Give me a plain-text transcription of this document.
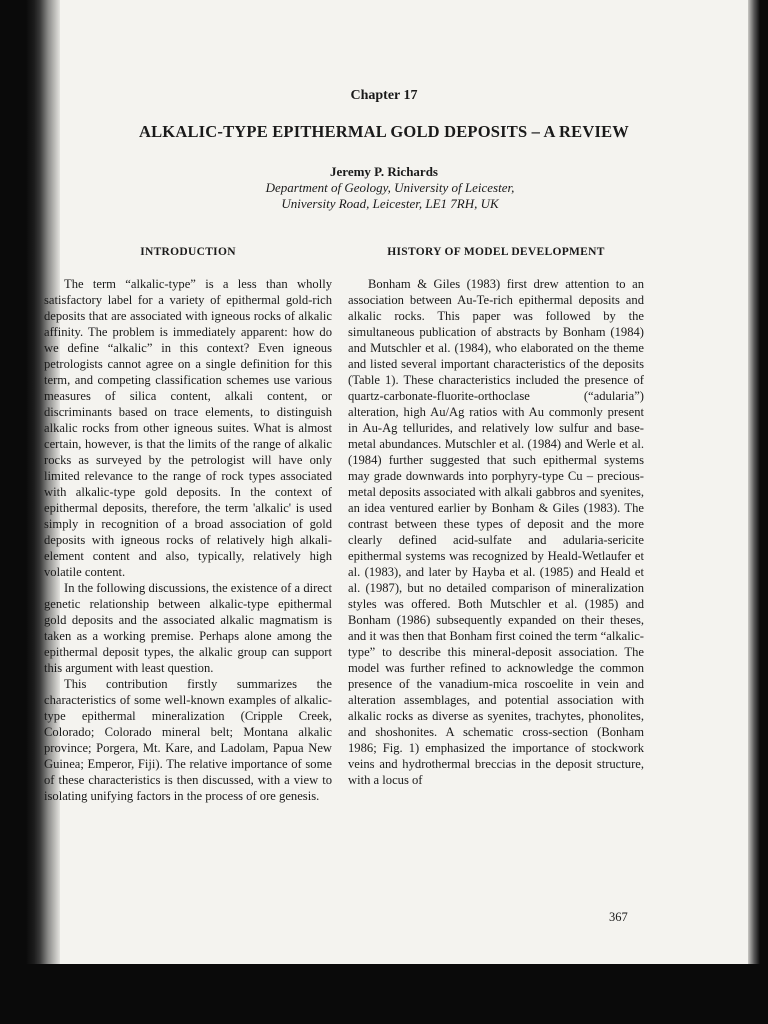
Chapter 17
ALKALIC-TYPE EPITHERMAL GOLD DEPOSITS – A REVIEW
Jeremy P. Richards
Department of Geology, University of Leicester,
University Road, Leicester, LE1 7RH, UK
INTRODUCTION	HISTORY OF MODEL DEVELOPMENT

The term “alkalic-type” is a less than wholly satisfactory label for a variety of epithermal gold-rich deposits that are associated with igneous rocks of alkalic affinity. The problem is immediately apparent: how do we define “alkalic” in this context? Even igneous petrologists cannot agree on a single definition for this term, and competing classification schemes use various measures of silica content, alkali content, or discriminants based on trace elements, to distinguish alkalic rocks from other igneous suites. What is almost certain, however, is that the limits of the range of alkalic rocks as surveyed by the petrologist will have only limited relevance to the range of rock types associated with alkalic-type gold deposits. In the context of epithermal deposits, therefore, the term 'alkalic' is used simply in recognition of a broad association of gold deposits with igneous rocks of relatively high alkali-element content and also, typically, relatively high volatile content.

In the following discussions, the existence of a direct genetic relationship between alkalic-type epithermal gold deposits and the associated alkalic magmatism is taken as a working premise. Perhaps alone among the epithermal deposit types, the alkalic group can support this argument with least question.

This contribution firstly summarizes the characteristics of some well-known examples of alkalic-type epithermal mineralization (Cripple Creek, Colorado; Colorado mineral belt; Montana alkalic province; Porgera, Mt. Kare, and Ladolam, Papua New Guinea; Emperor, Fiji). The relative importance of some of these characteristics is then discussed, with a view to isolating unifying factors in the process of ore genesis.

Bonham & Giles (1983) first drew attention to an association between Au-Te-rich epithermal deposits and alkalic rocks. This paper was followed by the simultaneous publication of abstracts by Bonham (1984) and Mutschler et al. (1984), who elaborated on the theme and listed several important characteristics of the deposits (Table 1). These characteristics included the presence of quartz-carbonate-fluorite-orthoclase (“adularia”) alteration, high Au/Ag ratios with Au commonly present in Au-Ag tellurides, and relatively low sulfur and base-metal abundances. Mutschler et al. (1984) and Werle et al. (1984) further suggested that such epithermal systems may grade downwards into porphyry-type Cu – precious-metal deposits associated with alkali gabbros and syenites, an idea ventured earlier by Bonham & Giles (1983). The contrast between these types of deposit and the more clearly defined acid-sulfate and adularia-sericite epithermal systems was recognized by Heald-Wetlaufer et al. (1983), and later by Hayba et al. (1985) and Heald et al. (1987), but no detailed comparison of mineralization styles was offered. Both Mutschler et al. (1985) and Bonham (1986) subsequently expanded on their theses, and it was then that Bonham first coined the term “alkalic-type” to describe this mineral-deposit association. The model was further refined to acknowledge the common presence of the vanadium-mica roscoelite in vein and alteration assemblages, and potential association with alkalic rocks as diverse as syenites, trachytes, phonolites, and shoshonites. A schematic cross-section (Bonham 1986; Fig. 1) emphasized the importance of stockwork veins and hydrothermal breccias in the deposit structure, with a locus of

367
